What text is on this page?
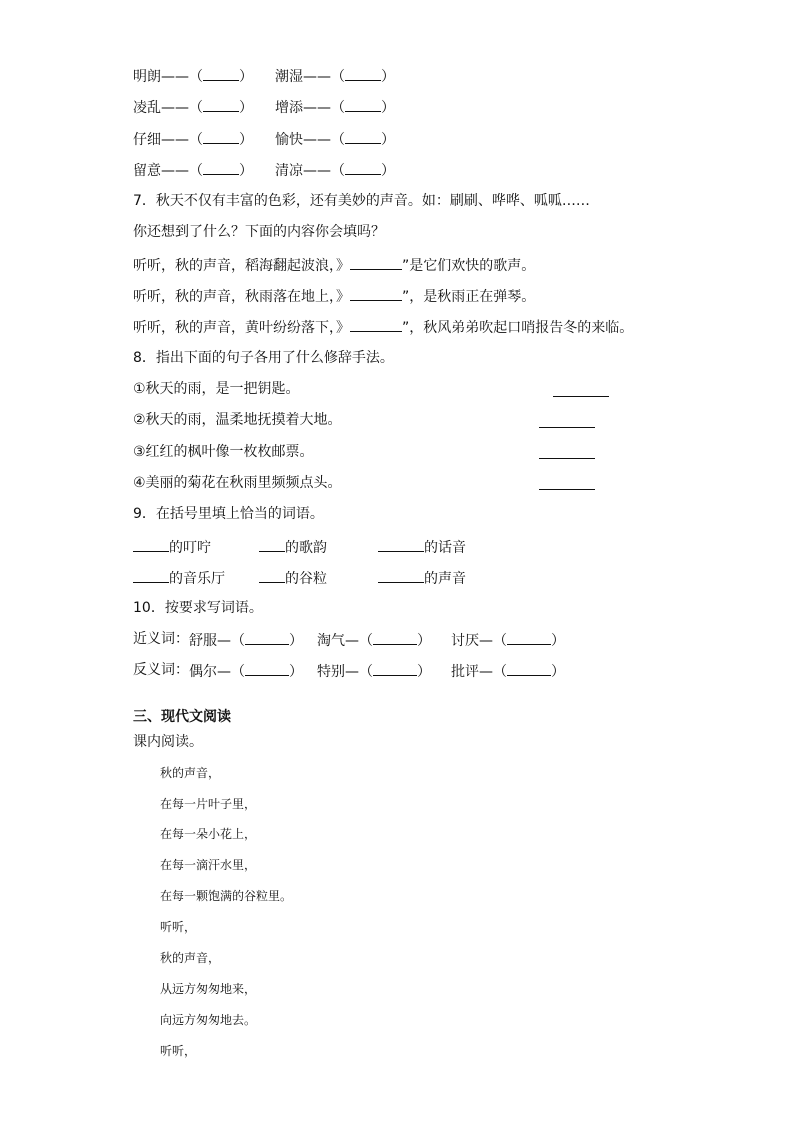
明朗——（	） 潮湿——（	）
凌乱——（	） 增添——（	）
仔细——（	） 愉快——（	）
留意——（	） 清凉——（	）
7．秋天不仅有丰富的色彩，还有美妙的声音。如：刷刷、哗哗、呱呱……
你还想到了什么？下面的内容你会填吗？
听听，秋的声音，稻海翻起波浪，》	”是它们欢快的歌声。
听听，秋的声音，秋雨落在地上，》	”，是秋雨正在弹琴。
听听，秋的声音，黄叶纷纷落下，》	”，秋风弟弟吹起口哨报告冬的来临。
8．指出下面的句子各用了什么修辞手法。
①秋天的雨，是一把钥匙。
②秋天的雨，温柔地抚摸着大地。
③红红的枫叶像一枚枚邮票。
④美丽的菊花在秋雨里频频点头。
9．在括号里填上恰当的词语。
的叮咛	的歌韵	的话音
的音乐厅	的谷粒	的声音
10．按要求写词语。
近义词： 舒服—（	） 淘气—（	） 讨厌—（	）
反义词： 偶尔—（	） 特别—（	） 批评—（	）
三、现代文阅读
课内阅读。
秋的声音，
在每一片叶子里，
在每一朵小花上，
在每一滴汗水里，
在每一颗饱满的谷粒里。
听听，
秋的声音，
从远方匆匆地来，
向远方匆匆地去。
听听，
